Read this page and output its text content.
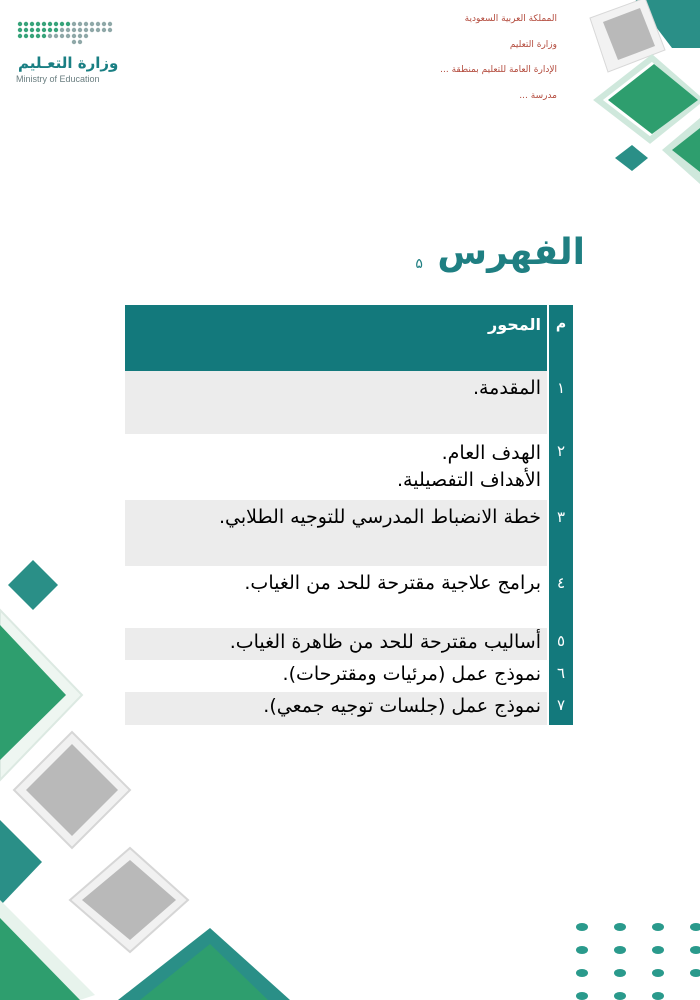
وزارة التعـليم
Ministry of Education
المملكة العربية السعودية
وزارة التعليم
الإدارة العامة للتعليم بمنطقة ...
مدرسة ...
الفهرس
۵
م
المحور
١
المقدمة.
٢
الهدف العام.
الأهداف التفصيلية.
٣
خطة الانضباط المدرسي للتوجيه الطلابي.
٤
برامج علاجية مقترحة للحد من الغياب.
٥
أساليب مقترحة للحد من ظاهرة الغياب.
٦
نموذج عمل (مرئيات ومقترحات).
٧
نموذج عمل (جلسات توجيه جمعي).
